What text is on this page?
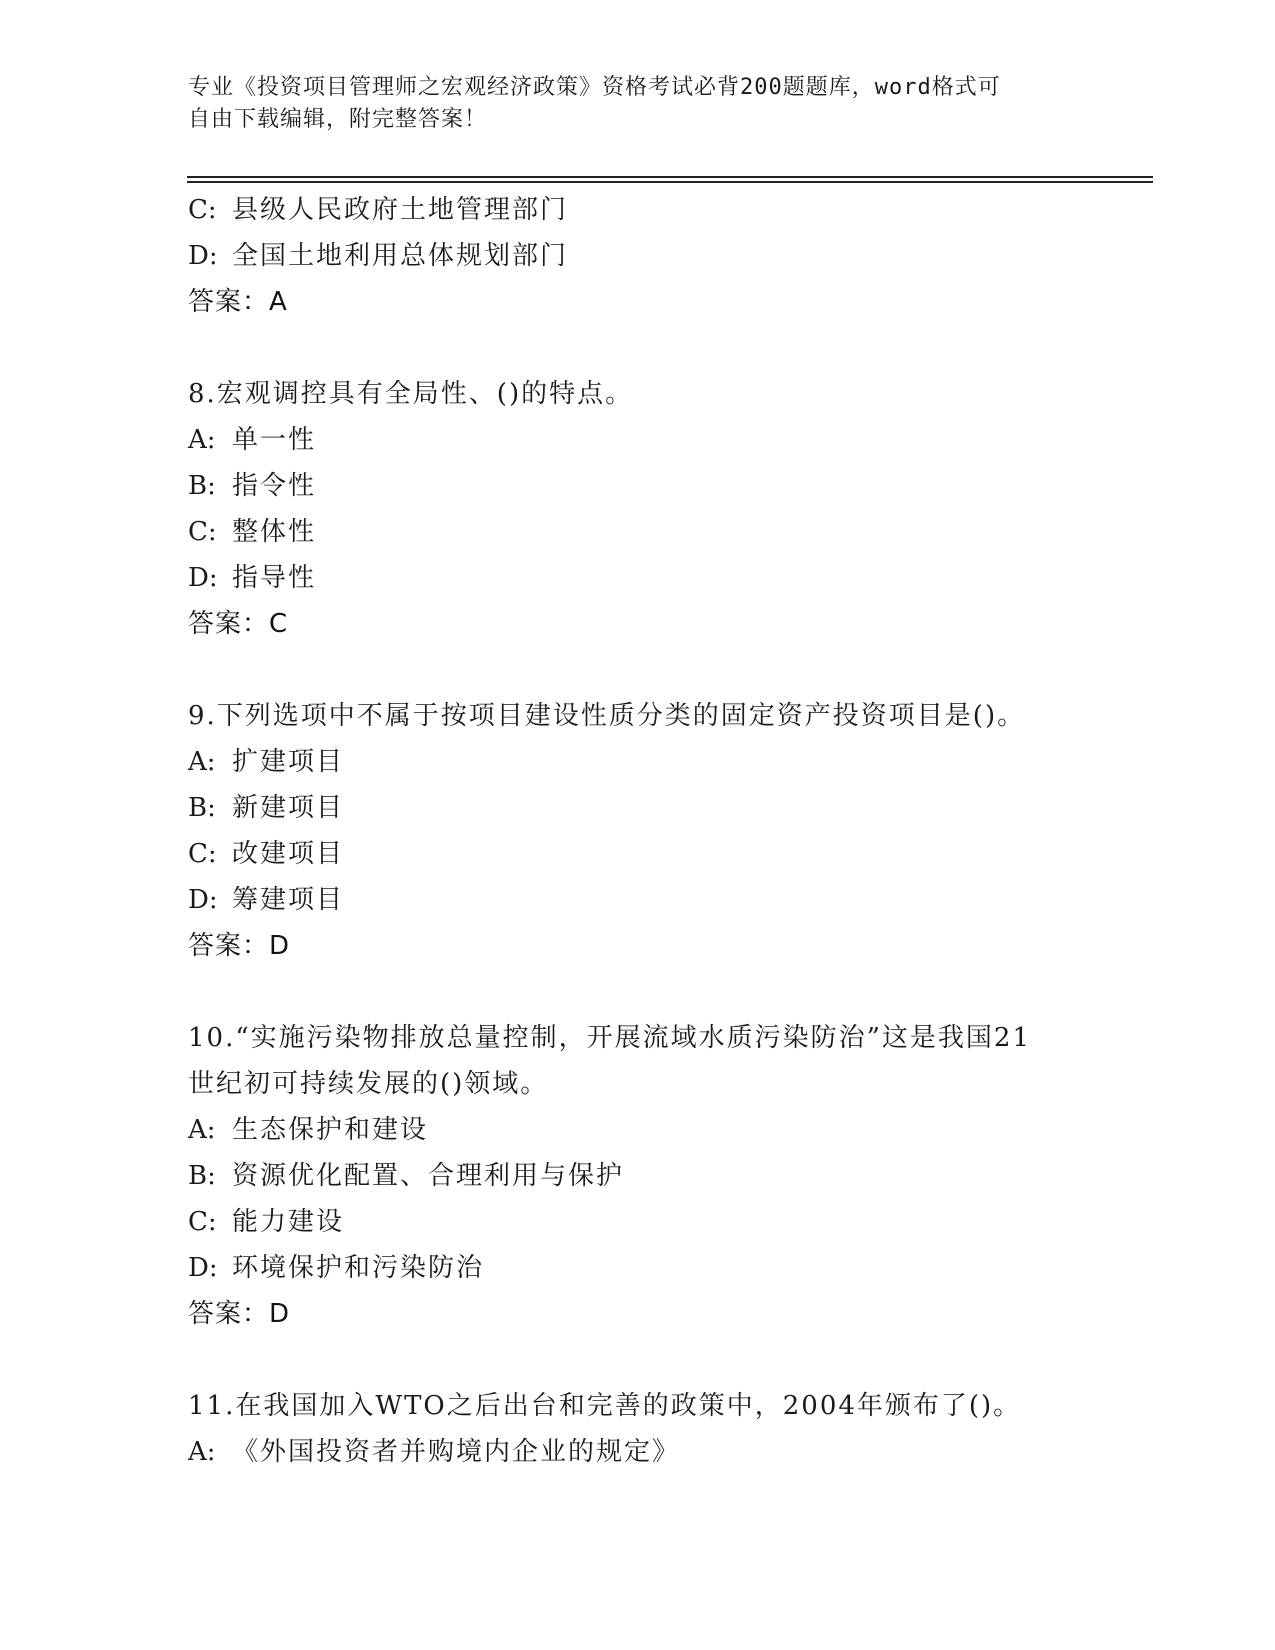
专业《投资项目管理师之宏观经济政策》资格考试必背200题题库，word格式可
自由下载编辑，附完整答案！
C: 县级人民政府土地管理部门
D: 全国土地利用总体规划部门
答案：A
8.宏观调控具有全局性、()的特点。
A: 单一性
B: 指令性
C: 整体性
D: 指导性
答案：C
9.下列选项中不属于按项目建设性质分类的固定资产投资项目是()。
A: 扩建项目
B: 新建项目
C: 改建项目
D: 筹建项目
答案：D
10.“实施污染物排放总量控制，开展流域水质污染防治”这是我国21
世纪初可持续发展的()领域。
A: 生态保护和建设
B: 资源优化配置、合理利用与保护
C: 能力建设
D: 环境保护和污染防治
答案：D
11.在我国加入WTO之后出台和完善的政策中，2004年颁布了()。
A: 《外国投资者并购境内企业的规定》
